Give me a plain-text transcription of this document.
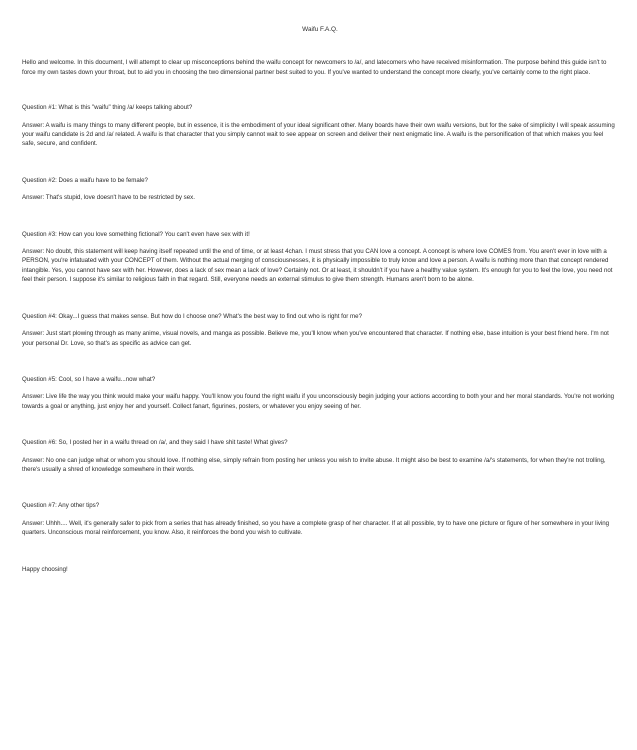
Waifu F.A.Q.

Hello and welcome. In this document, I will attempt to clear up misconceptions behind the waifu concept for newcomers to /a/, and latecomers who have received misinformation. The purpose behind this guide isn't to force my own tastes down your throat, but to aid you in choosing the two dimensional partner best suited to you. If you've wanted to understand the concept more clearly, you've certainly come to the right place.

Question #1: What is this "waifu" thing /a/ keeps talking about?

Answer: A waifu is many things to many different people, but in essence, it is the embodiment of your ideal significant other. Many boards have their own waifu versions, but for the sake of simplicity I will speak assuming your waifu candidate is 2d and /a/ related. A waifu is that character that you simply cannot wait to see appear on screen and deliver their next enigmatic line. A waifu is the personification of that which makes you feel safe, secure, and confident.

Question #2: Does a waifu have to be female?

Answer: That's stupid, love doesn't have to be restricted by sex.

Question #3: How can you love something fictional? You can't even have sex with it!

Answer: No doubt, this statement will keep having itself repeated until the end of time, or at least 4chan. I must stress that you CAN love a concept. A concept is where love COMES from. You aren't ever in love with a PERSON, you're infatuated with your CONCEPT of them. Without the actual merging of consciousnesses, it is physically impossible to truly know and love a person. A waifu is nothing more than that concept rendered intangible. Yes, you cannot have sex with her. However, does a lack of sex mean a lack of love? Certainly not. Or at least, it shouldn't if you have a healthy value system. It's enough for you to feel the love, you need not feel their person. I suppose it's similar to religious faith in that regard. Still, everyone needs an external stimulus to give them strength. Humans aren't born to be alone.

Question #4: Okay...I guess that makes sense. But how do I choose one? What's the best way to find out who is right for me?

Answer: Just start plowing through as many anime, visual novels, and manga as possible. Believe me, you'll know when you've encountered that character. If nothing else, base intuition is your best friend here. I'm not your personal Dr. Love, so that's as specific as advice can get.

Question #5: Cool, so I have a waifu...now what?

Answer: Live life the way you think would make your waifu happy. You'll know you found the right waifu if you unconsciously begin judging your actions according to both your and her moral standards. You're not working towards a goal or anything, just enjoy her and yourself. Collect fanart, figurines, posters, or whatever you enjoy seeing of her.

Question #6: So, I posted her in a waifu thread on /a/, and they said I have shit taste! What gives?

Answer: No one can judge what or whom you should love. If nothing else, simply refrain from posting her unless you wish to invite abuse. It might also be best to examine /a/'s statements, for when they're not trolling, there's usually a shred of knowledge somewhere in their words.

Question #7: Any other tips?

Answer: Uhhh.... Well, it's generally safer to pick from a series that has already finished, so you have a complete grasp of her character. If at all possible, try to have one picture or figure of her somewhere in your living quarters. Unconscious moral reinforcement, you know. Also, it reinforces the bond you wish to cultivate.

Happy choosing!
